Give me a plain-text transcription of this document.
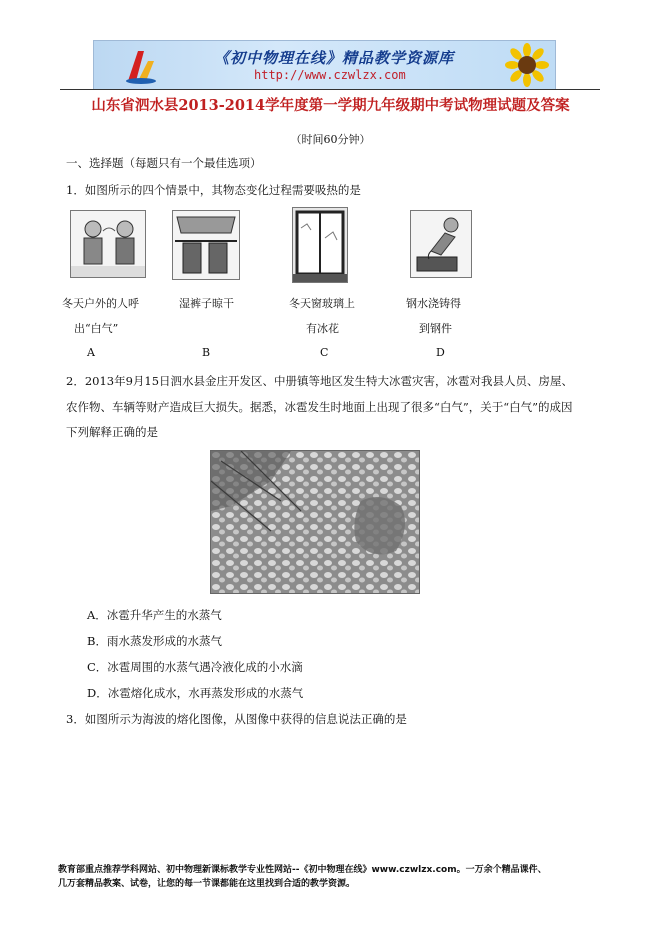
《初中物理在线》精品教学资源库
http://www.czwlzx.com
山东省泗水县2013-2014学年度第一学期九年级期中考试物理试题及答案
（时间60分钟）
一、选择题（每题只有一个最佳选项）
1．如图所示的四个情景中，其物态变化过程需要吸热的是
冬天户外的人呼
出“白气”
A
湿裤子晾干
B
冬天窗玻璃上
有冰花
C
钢水浇铸得
到钢件
D
2．2013年9月15日泗水县金庄开发区、中册镇等地区发生特大冰雹灾害，冰雹对我县人员、房屋、
农作物、车辆等财产造成巨大损失。据悉，冰雹发生时地面上出现了很多“白气”，关于“白气”的成因
下列解释正确的是
A．冰雹升华产生的水蒸气
B．雨水蒸发形成的水蒸气
C．冰雹周围的水蒸气遇冷液化成的小水滴
D．冰雹熔化成水，水再蒸发形成的水蒸气
3．如图所示为海波的熔化图像，从图像中获得的信息说法正确的是
教育部重点推荐学科网站、初中物理新课标教学专业性网站--《初中物理在线》www.czwlzx.com。一万余个精品课件、
几万套精品教案、试卷，让您的每一节课都能在这里找到合适的教学资源。
